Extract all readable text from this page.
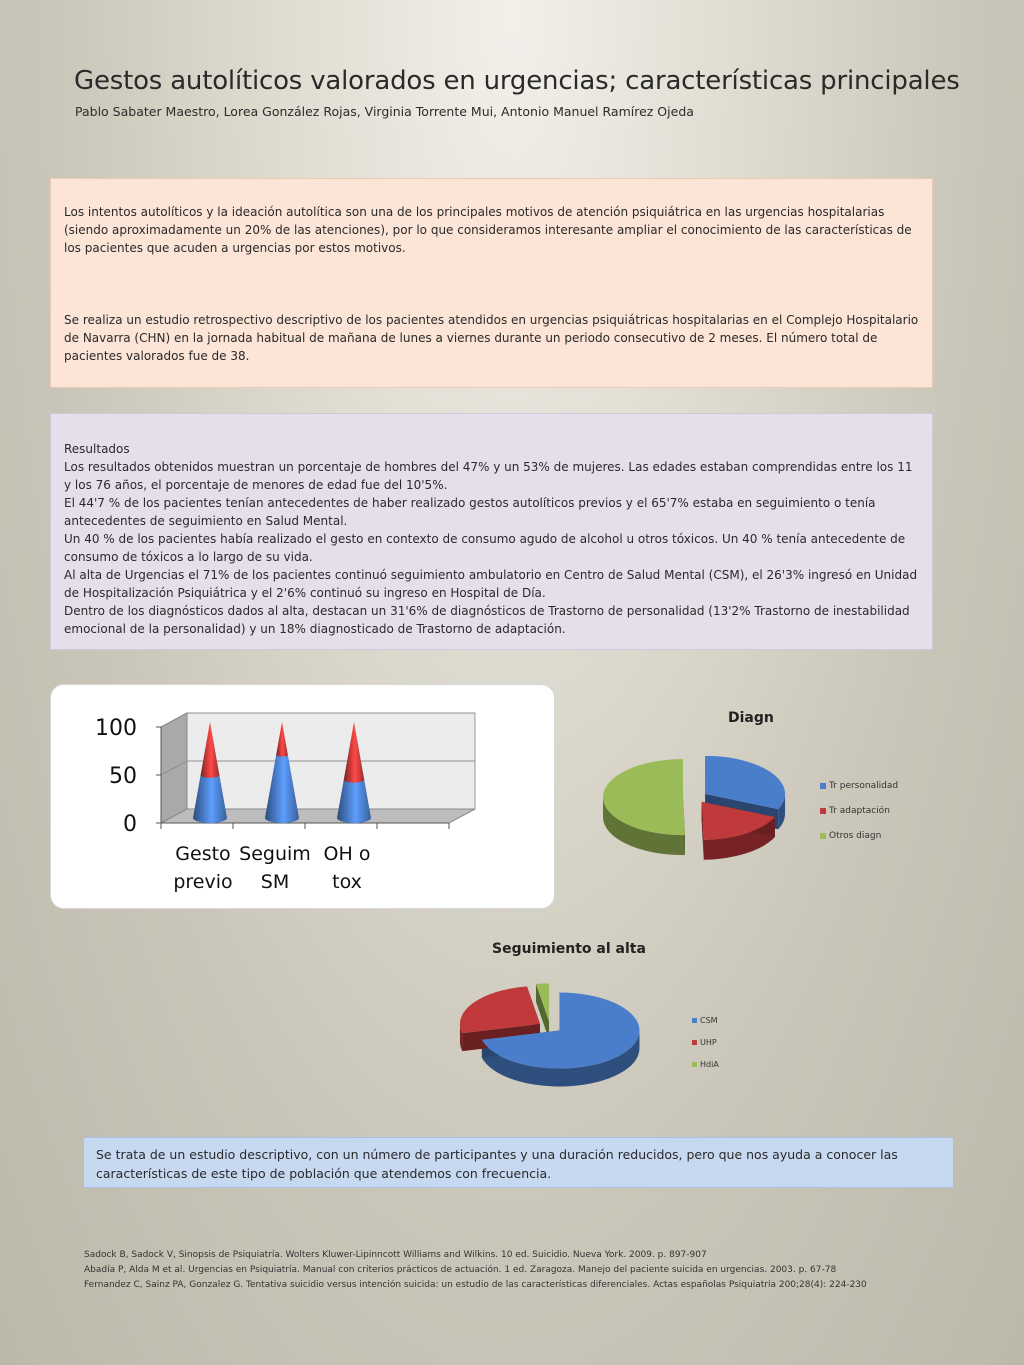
Gestos autolíticos valorados en urgencias; características principales
Pablo Sabater Maestro, Lorea González Rojas, Virginia Torrente Mui, Antonio Manuel Ramírez Ojeda

Los intentos autolíticos y la ideación autolítica son una de los principales motivos de atención psiquiátrica en las urgencias hospitalarias (siendo aproximadamente un 20% de las atenciones), por lo que consideramos interesante ampliar el conocimiento de las características de los pacientes que acuden a urgencias por estos motivos.

Se realiza un estudio retrospectivo descriptivo de los pacientes atendidos en urgencias psiquiátricas hospitalarias en el Complejo Hospitalario de Navarra (CHN) en la jornada habitual de mañana de lunes a viernes durante un periodo consecutivo de 2 meses. El número total de pacientes valorados fue de 38.

Resultados
Los resultados obtenidos muestran un porcentaje de hombres del 47% y un 53% de mujeres. Las edades estaban comprendidas entre los 11 y los 76 años, el porcentaje de menores de edad fue del 10'5%.
El 44'7 % de los pacientes tenían antecedentes de haber realizado gestos autolíticos previos y el 65'7% estaba en seguimiento o tenía antecedentes de seguimiento en Salud Mental.
Un 40 % de los pacientes había realizado el gesto en contexto de consumo agudo de alcohol u otros tóxicos. Un 40 % tenía antecedente de consumo de tóxicos a lo largo de su vida.
Al alta de Urgencias el 71% de los pacientes continuó seguimiento ambulatorio en Centro de Salud Mental (CSM), el 26'3% ingresó en Unidad de Hospitalización Psiquiátrica y el 2'6% continuó su ingreso en Hospital de Día.
Dentro de los diagnósticos dados al alta, destacan un 31'6% de diagnósticos de Trastorno de personalidad (13'2% Trastorno de inestabilidad emocional de la personalidad) y un 18% diagnosticado de Trastorno de adaptación.
0
50
100
Gesto
previo
Seguim
SM
OH o
tox
Diagn
Tr personalidad
Tr adaptación
Otros diagn
Seguimiento al alta
CSM
UHP
HdiA
Se trata de un estudio descriptivo, con un número de participantes y una duración reducidos, pero que nos ayuda a conocer las características de este tipo de población que atendemos con frecuencia.
Sadock B, Sadock V, Sinopsis de Psiquiatría. Wolters Kluwer-Lipinncott Williams and Wilkins. 10 ed. Suicidio. Nueva York. 2009. p. 897-907
Abadía P, Alda M et al. Urgencias en Psiquiatría. Manual con criterios prácticos de actuación. 1 ed. Zaragoza. Manejo del paciente suicida en urgencias. 2003. p. 67-78
Fernandez C, Sainz PA, Gonzalez G. Tentativa suicidio versus intención suicida: un estudio de las características diferenciales. Actas españolas Psiquiatría 200;28(4): 224-230
